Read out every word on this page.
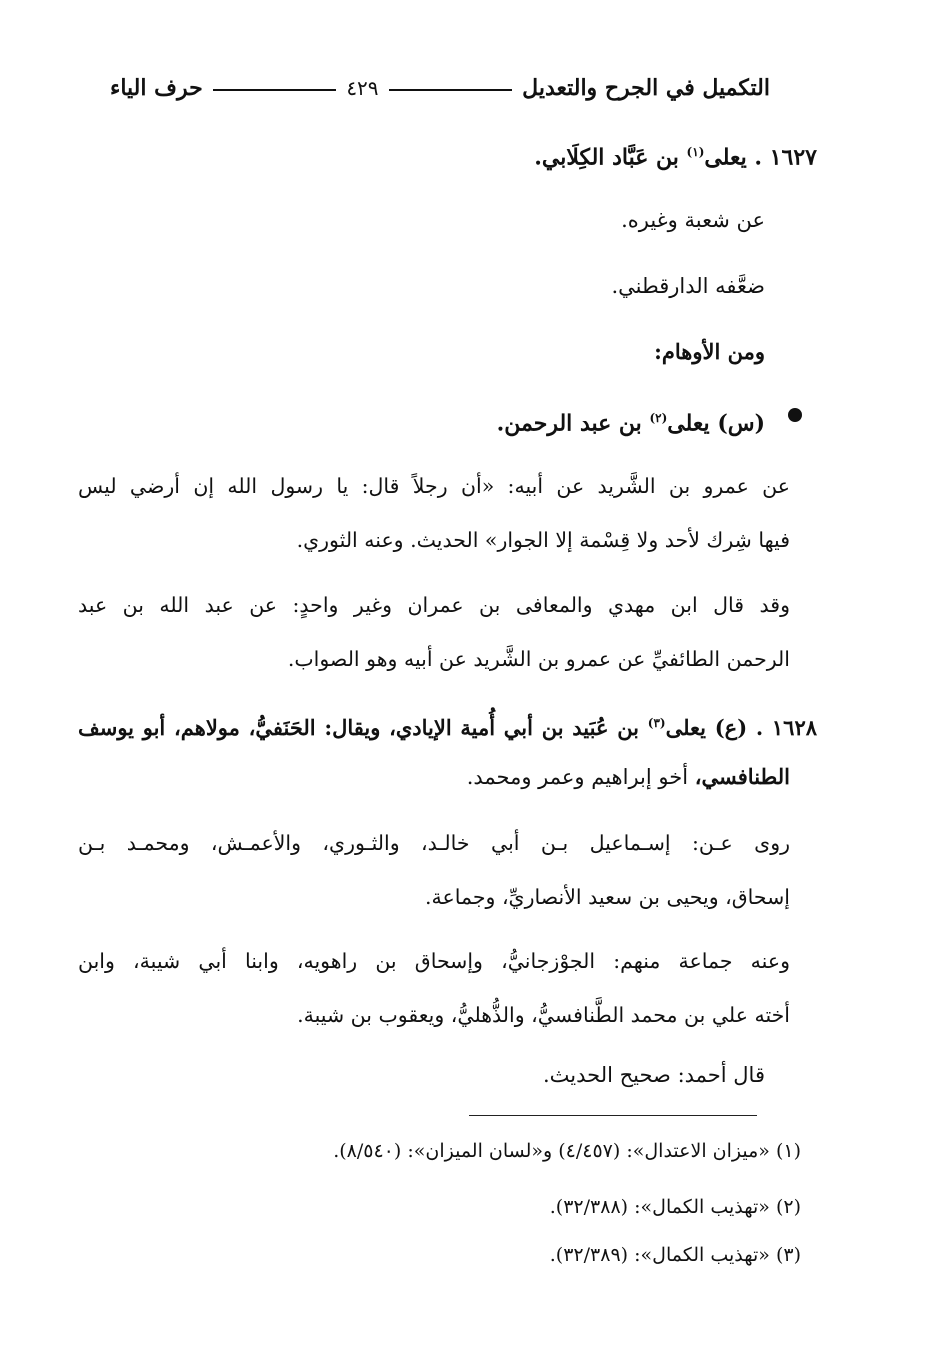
التكميل في الجرح والتعديل
٤٢٩
حرف الياء
١٦٢٧ . يعلى$^{(١)}$ بن عَبَّاد الكِلَابي.
عن شعبة وغيره.
ضعَّفه الدارقطني.
ومن الأوهام:
(س) يعلى$^{(٢)}$ بن عبد الرحمن.
عن عمرو بن الشَّريد عن أبيه: «أن رجلاً قال: يا رسول الله إن أرضي ليس
فيها شِرك لأحد ولا قِسْمة إلا الجوار» الحديث. وعنه الثوري.
وقد قال ابن مهدي والمعافى بن عمران وغير واحدٍ: عن عبد الله بن عبد
الرحمن الطائفيِّ عن عمرو بن الشَّريد عن أبيه وهو الصواب.
١٦٢٨ . (ع) يعلى$^{(٣)}$ بن عُبَيد بن أبي أُمية الإيادي، ويقال: الحَنَفيُّ، مولاهم، أبو يوسف
الطنافسي، أخو إبراهيم وعمر ومحمد.
روى عـن: إسـماعيل بـن أبي خالـد، والثـوري، والأعمـش، ومحمـد بـن
إسحاق، ويحيى بن سعيد الأنصاريِّ، وجماعة.
وعنه جماعة منهم: الجوْزجانيُّ، وإسحاق بن راهويه، وابنا أبي شيبة، وابن
أخته علي بن محمد الطَّنافسيُّ، والذُّهليُّ، ويعقوب بن شيبة.
قال أحمد: صحيح الحديث.
(١) «ميزان الاعتدال»: (٤/٤٥٧) و«لسان الميزان»: (٨/٥٤٠).
(٢) «تهذيب الكمال»: (٣٢/٣٨٨).
(٣) «تهذيب الكمال»: (٣٢/٣٨٩).
